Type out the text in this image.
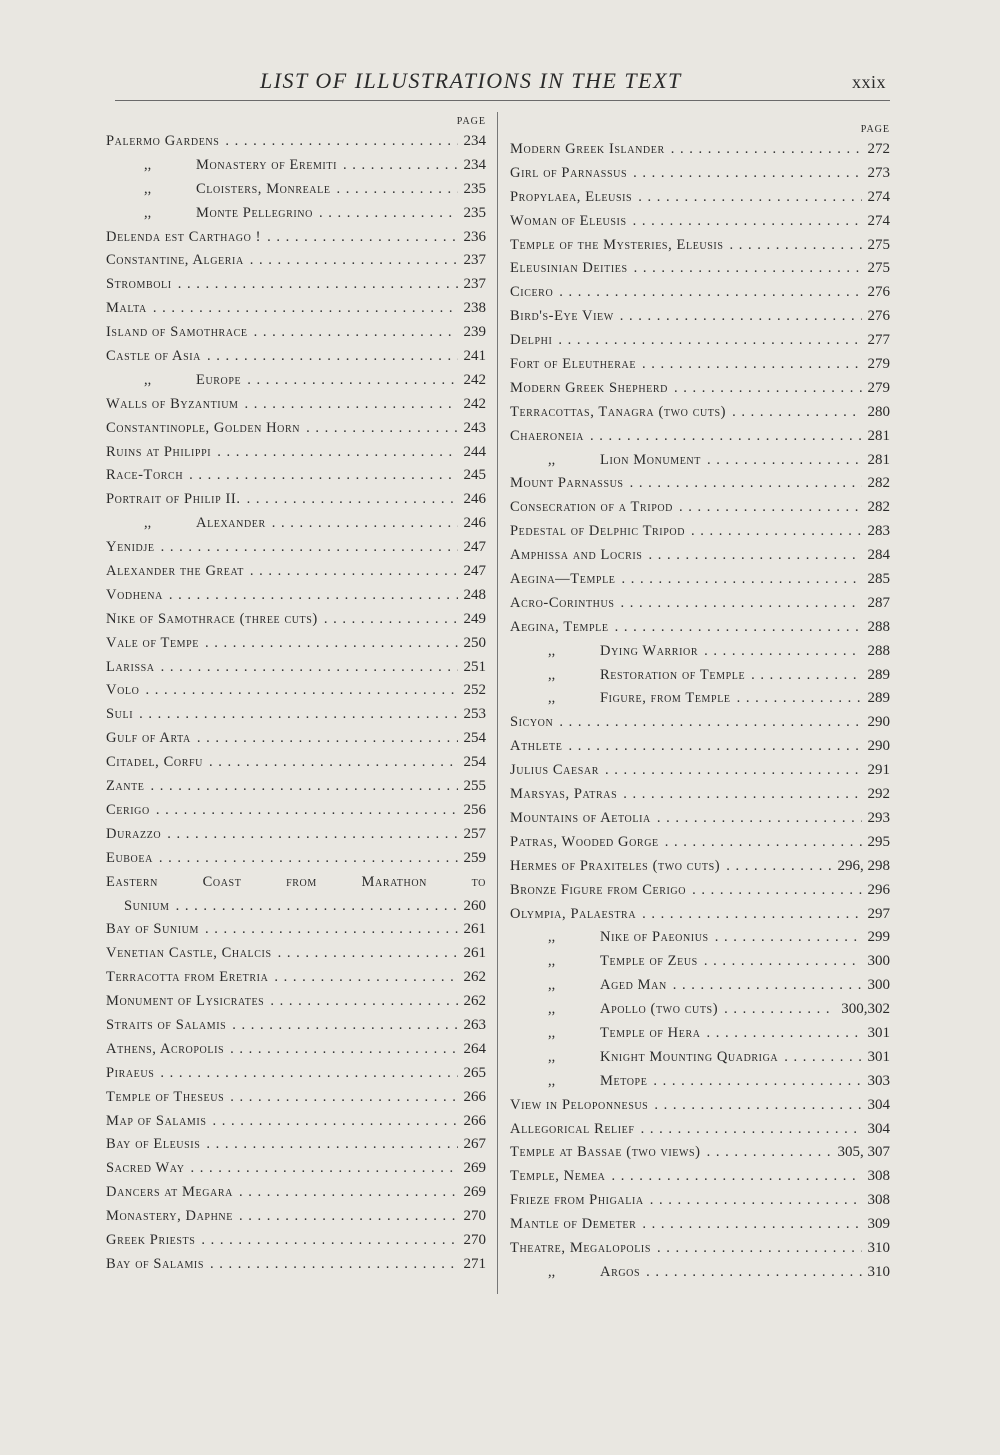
LIST OF ILLUSTRATIONS IN THE TEXT	xxix
PAGE
Palermo Gardens . . .	234
,,	Monastery of Eremiti . . .	234
,,	Cloisters, Monreale . . .	235
,,	Monte Pellegrino . . .	235
Delenda est Carthago ! . . .	236
Constantine, Algeria . . .	237
Stromboli . . .	237
Malta . . .	238
Island of Samothrace . . .	239
Castle of Asia . . .	241
,,	Europe . . .	242
Walls of Byzantium . . .	242
Constantinople, Golden Horn . . .	243
Ruins at Philippi . . .	244
Race-Torch . . .	245
Portrait of Philip II. . . .	246
,,	Alexander . . .	246
Yenidje . . .	247
Alexander the Great . . .	247
Vodhena . . .	248
Nike of Samothrace (three cuts) . . .	249
Vale of Tempe . . .	250
Larissa . . .	251
Volo . . .	252
Suli . . .	253
Gulf of Arta . . .	254
Citadel, Corfu . . .	254
Zante . . .	255
Cerigo . . .	256
Durazzo . . .	257
Euboea . . .	259
Eastern Coast from Marathon to
Sunium . . .	260
Bay of Sunium . . .	261
Venetian Castle, Chalcis . . .	261
Terracotta from Eretria . . .	262
Monument of Lysicrates . . .	262
Straits of Salamis . . .	263
Athens, Acropolis . . .	264
Piraeus . . .	265
Temple of Theseus . . .	266
Map of Salamis . . .	266
Bay of Eleusis . . .	267
Sacred Way . . .	269
Dancers at Megara . . .	269
Monastery, Daphne . . .	270
Greek Priests . . .	270
Bay of Salamis . . .	271
PAGE
Modern Greek Islander . . .	272
Girl of Parnassus . . .	273
Propylaea, Eleusis . . .	274
Woman of Eleusis . . .	274
Temple of the Mysteries, Eleusis . . .	275
Eleusinian Deities . . .	275
Cicero . . .	276
Bird's-Eye View . . .	276
Delphi . . .	277
Fort of Eleutherae . . .	279
Modern Greek Shepherd . . .	279
Terracottas, Tanagra (two cuts) . . .	280
Chaeroneia . . .	281
,,	Lion Monument . . .	281
Mount Parnassus . . .	282
Consecration of a Tripod . . .	282
Pedestal of Delphic Tripod . . .	283
Amphissa and Locris . . .	284
Aegina—Temple . . .	285
Acro-Corinthus . . .	287
Aegina, Temple . . .	288
,,	Dying Warrior . . .	288
,,	Restoration of Temple . . .	289
,,	Figure, from Temple . . .	289
Sicyon . . .	290
Athlete . . .	290
Julius Caesar . . .	291
Marsyas, Patras . . .	292
Mountains of Aetolia . . .	293
Patras, Wooded Gorge . . .	295
Hermes of Praxiteles (two cuts) . . .	296, 298
Bronze Figure from Cerigo . . .	296
Olympia, Palaestra . . .	297
,,	Nike of Paeonius . . .	299
,,	Temple of Zeus . . .	300
,,	Aged Man . . .	300
,,	Apollo (two cuts) . . .	300,302
,,	Temple of Hera . . .	301
,,	Knight Mounting Quadriga . . .	301
,,	Metope . . .	303
View in Peloponnesus . . .	304
Allegorical Relief . . .	304
Temple at Bassae (two views) . . .	305, 307
Temple, Nemea . . .	308
Frieze from Phigalia . . .	308
Mantle of Demeter . . .	309
Theatre, Megalopolis . . .	310
,,	Argos . . .	310
